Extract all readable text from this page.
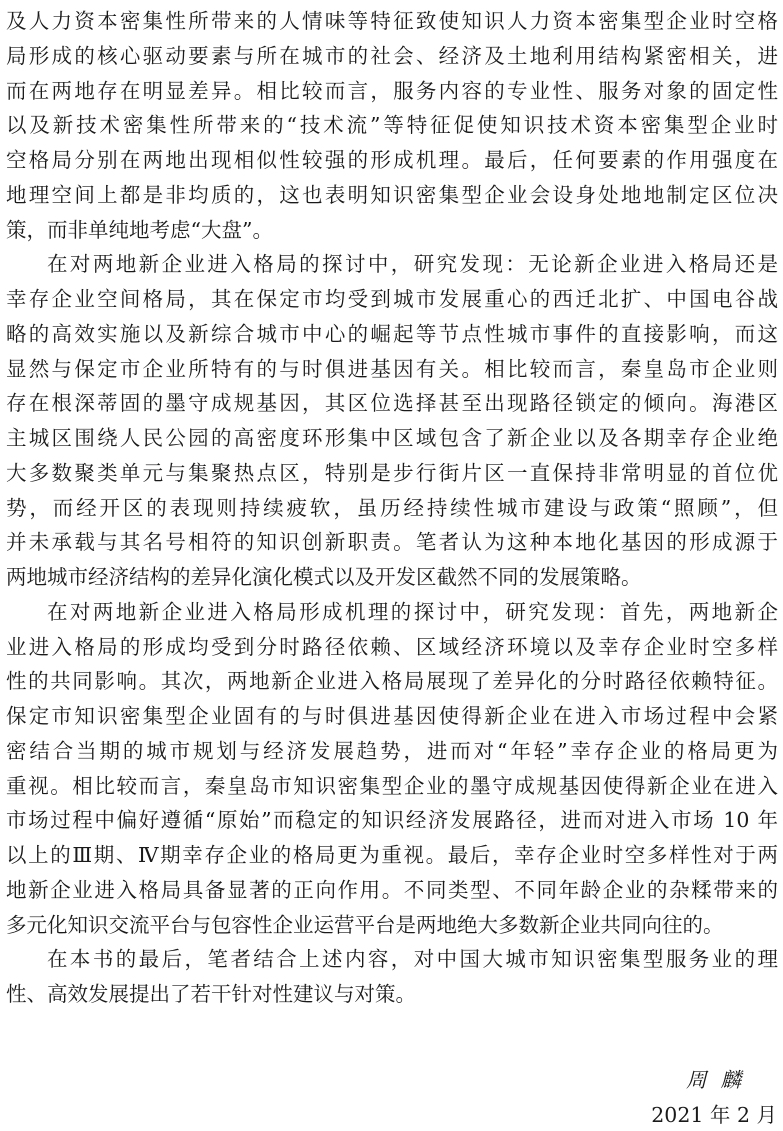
及人力资本密集性所带来的人情味等特征致使知识人力资本密集型企业时空格
局形成的核心驱动要素与所在城市的社会、经济及土地利用结构紧密相关，进
而在两地存在明显差异。相比较而言，服务内容的专业性、服务对象的固定性
以及新技术密集性所带来的“技术流”等特征促使知识技术资本密集型企业时
空格局分别在两地出现相似性较强的形成机理。最后，任何要素的作用强度在
地理空间上都是非均质的，这也表明知识密集型企业会设身处地地制定区位决
策，而非单纯地考虑“大盘”。
在对两地新企业进入格局的探讨中，研究发现：无论新企业进入格局还是
幸存企业空间格局，其在保定市均受到城市发展重心的西迁北扩、中国电谷战
略的高效实施以及新综合城市中心的崛起等节点性城市事件的直接影响，而这
显然与保定市企业所特有的与时俱进基因有关。相比较而言，秦皇岛市企业则
存在根深蒂固的墨守成规基因，其区位选择甚至出现路径锁定的倾向。海港区
主城区围绕人民公园的高密度环形集中区域包含了新企业以及各期幸存企业绝
大多数聚类单元与集聚热点区，特别是步行街片区一直保持非常明显的首位优
势，而经开区的表现则持续疲软，虽历经持续性城市建设与政策“照顾”，但
并未承载与其名号相符的知识创新职责。笔者认为这种本地化基因的形成源于
两地城市经济结构的差异化演化模式以及开发区截然不同的发展策略。
在对两地新企业进入格局形成机理的探讨中，研究发现：首先，两地新企
业进入格局的形成均受到分时路径依赖、区域经济环境以及幸存企业时空多样
性的共同影响。其次，两地新企业进入格局展现了差异化的分时路径依赖特征。
保定市知识密集型企业固有的与时俱进基因使得新企业在进入市场过程中会紧
密结合当期的城市规划与经济发展趋势，进而对“年轻”幸存企业的格局更为
重视。相比较而言，秦皇岛市知识密集型企业的墨守成规基因使得新企业在进入
市场过程中偏好遵循“原始”而稳定的知识经济发展路径，进而对进入市场 10 年
以上的Ⅲ期、Ⅳ期幸存企业的格局更为重视。最后，幸存企业时空多样性对于两
地新企业进入格局具备显著的正向作用。不同类型、不同年龄企业的杂糅带来的
多元化知识交流平台与包容性企业运营平台是两地绝大多数新企业共同向往的。
在本书的最后，笔者结合上述内容，对中国大城市知识密集型服务业的理
性、高效发展提出了若干针对性建议与对策。
周麟
2021 年 2 月
